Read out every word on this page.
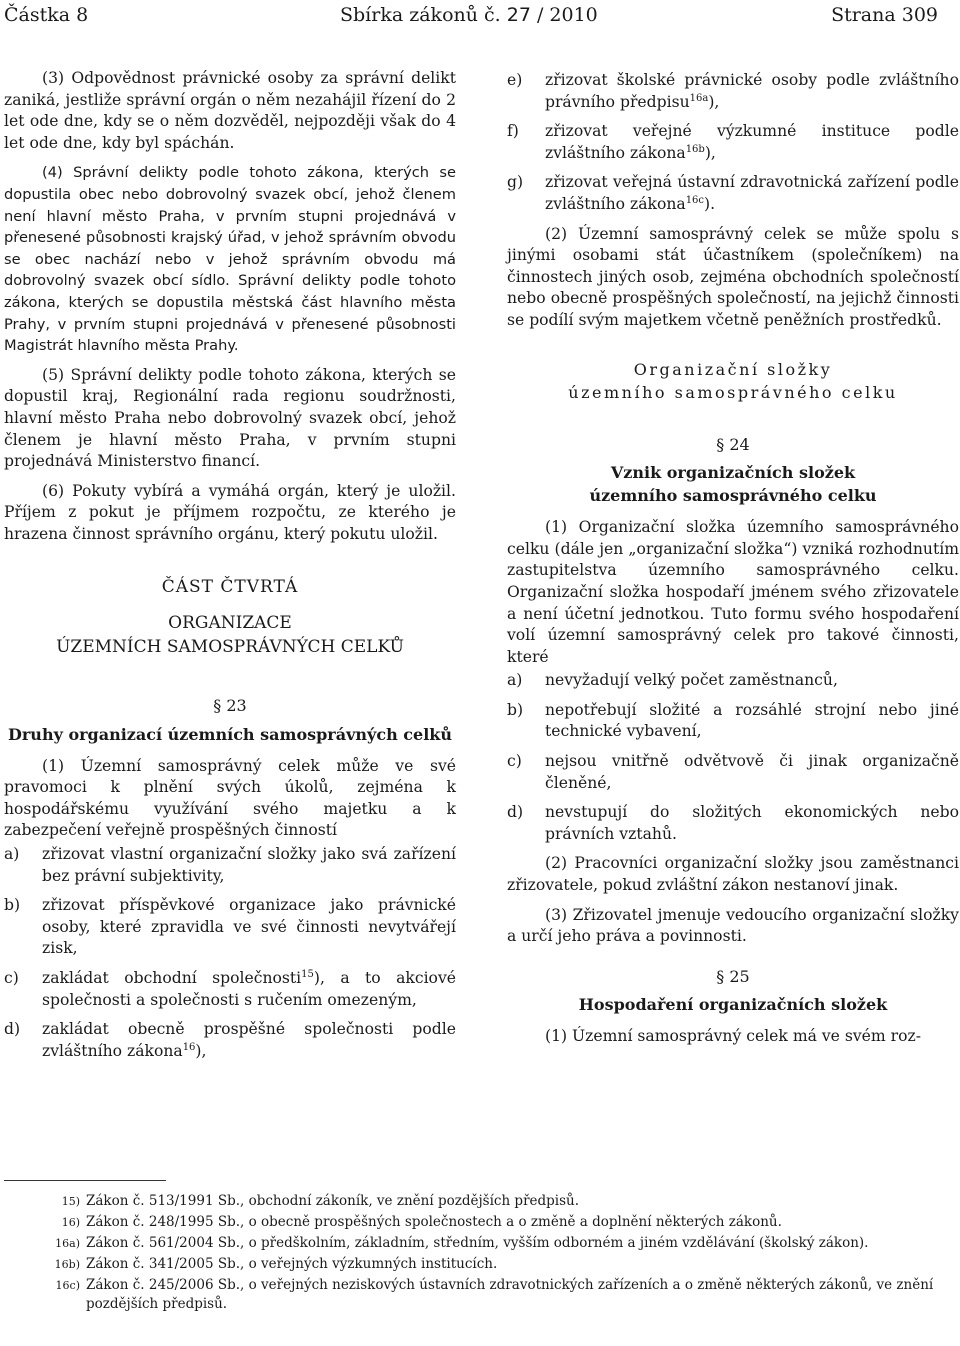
Částka 8	Sbírka zákonů č. 27 / 2010	Strana 309

(3) Odpovědnost právnické osoby za správní delikt zaniká, jestliže správní orgán o něm nezahájil řízení do 2 let ode dne, kdy se o něm dozvěděl, nejpozději však do 4 let ode dne, kdy byl spáchán.

(4) Správní delikty podle tohoto zákona, kterých se dopustila obec nebo dobrovolný svazek obcí, jehož členem není hlavní město Praha, v prvním stupni projednává v přenesené působnosti krajský úřad, v jehož správním obvodu se obec nachází nebo v jehož správním obvodu má dobrovolný svazek obcí sídlo. Správní delikty podle tohoto zákona, kterých se dopustila městská část hlavního města Prahy, v prvním stupni projednává v přenesené působnosti Magistrát hlavního města Prahy.

(5) Správní delikty podle tohoto zákona, kterých se dopustil kraj, Regionální rada regionu soudržnosti, hlavní město Praha nebo dobrovolný svazek obcí, jehož členem je hlavní město Praha, v prvním stupni projednává Ministerstvo financí.

(6) Pokuty vybírá a vymáhá orgán, který je uložil. Příjem z pokut je příjmem rozpočtu, ze kterého je hrazena činnost správního orgánu, který pokutu uložil.

ČÁST ČTVRTÁ
ORGANIZACE
ÚZEMNÍCH SAMOSPRÁVNÝCH CELKŮ
§ 23
Druhy organizací územních samosprávných celků

(1) Územní samosprávný celek může ve své pravomoci k plnění svých úkolů, zejména k hospodářskému využívání svého majetku a k zabezpečení veřejně prospěšných činností

a)	zřizovat vlastní organizační složky jako svá zařízení bez právní subjektivity,
b)	zřizovat příspěvkové organizace jako právnické osoby, které zpravidla ve své činnosti nevytvářejí zisk,
c)	zakládat obchodní společnosti$^{15}$), a to akciové společnosti a společnosti s ručením omezeným,
d)	zakládat obecně prospěšné společnosti podle zvláštního zákona$^{16}$),
e)	zřizovat školské právnické osoby podle zvláštního právního předpisu$^{16a}$),
f)	zřizovat veřejné výzkumné instituce podle zvláštního zákona$^{16b}$),
g)	zřizovat veřejná ústavní zdravotnická zařízení podle zvláštního zákona$^{16c}$).

(2) Územní samosprávný celek se může spolu s jinými osobami stát účastníkem (společníkem) na činnostech jiných osob, zejména obchodních společností nebo obecně prospěšných společností, na jejichž činnosti se podílí svým majetkem včetně peněžních prostředků.

Organizační složky
územního samosprávného celku
§ 24
Vznik organizačních složek
územního samosprávného celku

(1) Organizační složka územního samosprávného celku (dále jen „organizační složka“) vzniká rozhodnutím zastupitelstva územního samosprávného celku. Organizační složka hospodaří jménem svého zřizovatele a není účetní jednotkou. Tuto formu svého hospodaření volí územní samosprávný celek pro takové činnosti, které

a)	nevyžadují velký počet zaměstnanců,
b)	nepotřebují složité a rozsáhlé strojní nebo jiné technické vybavení,
c)	nejsou vnitřně odvětvově či jinak organizačně členěné,
d)	nevstupují do složitých ekonomických nebo právních vztahů.

(2) Pracovníci organizační složky jsou zaměstnanci zřizovatele, pokud zvláštní zákon nestanoví jinak.

(3) Zřizovatel jmenuje vedoucího organizační složky a určí jeho práva a povinnosti.

§ 25
Hospodaření organizačních složek

(1) Územní samosprávný celek má ve svém roz-

15) Zákon č. 513/1991 Sb., obchodní zákoník, ve znění pozdějších předpisů.
16) Zákon č. 248/1995 Sb., o obecně prospěšných společnostech a o změně a doplnění některých zákonů.
16a) Zákon č. 561/2004 Sb., o předškolním, základním, středním, vyšším odborném a jiném vzdělávání (školský zákon).
16b) Zákon č. 341/2005 Sb., o veřejných výzkumných institucích.
16c) Zákon č. 245/2006 Sb., o veřejných neziskových ústavních zdravotnických zařízeních a o změně některých zákonů, ve znění pozdějších předpisů.
